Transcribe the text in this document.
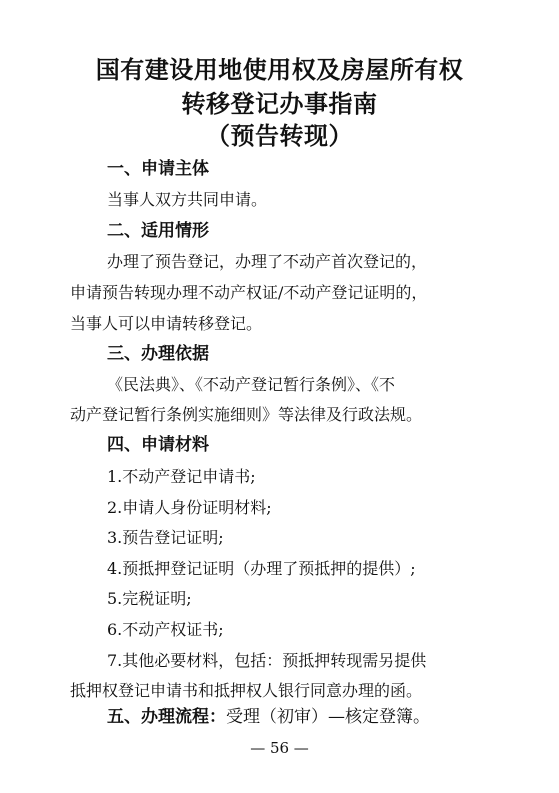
国有建设用地使用权及房屋所有权
转移登记办事指南
（预告转现）
一、申请主体
当事人双方共同申请。
二、适用情形
办理了预告登记，办理了不动产首次登记的，
申请预告转现办理不动产权证/不动产登记证明的，
当事人可以申请转移登记。
三、办理依据
《民法典》、《不动产登记暂行条例》、《不
动产登记暂行条例实施细则》等法律及行政法规。
四、申请材料
1.不动产登记申请书;
2.申请人身份证明材料;
3.预告登记证明;
4.预抵押登记证明（办理了预抵押的提供）;
5.完税证明;
6.不动产权证书;
7.其他必要材料，包括：预抵押转现需另提供
抵押权登记申请书和抵押权人银行同意办理的函。
五、办理流程：受理（初审）—核定登簿。
— 56 —
